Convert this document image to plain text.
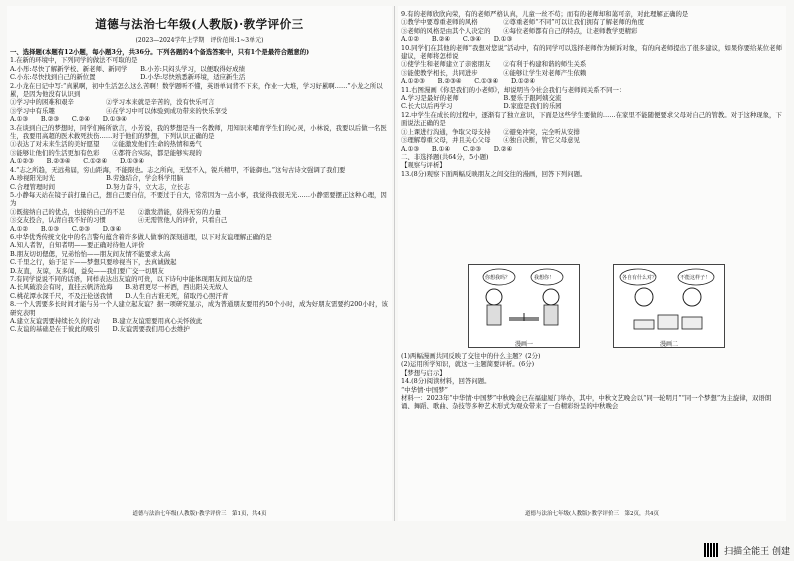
道德与法治七年级(人教版)·教学评价三
(2023—2024学年上学期　评价范围:1~3单元)
一、选择题(本题有12小题，每小题3分，共36分。下列各题的4个备选答案中，只有1个是最符合题意的)
1.在新的环境中，下列同学的做法不可取的是
A.小彤:尽快了解新学校、新老师、新同学　　B.小芳:只闷头学习，以便取得好成绩
C.小东:尽快找到自己的新位置　　　　　　　D.小华:尽快熟悉新环境，适应新生活
2.小龙在日记中写:“真累啊，初中生活怎么这么苦啊！数学题听不懂，英语单词背不下来，作业一大堆，学习好累啊……”小龙之所以累，是因为他没有认识到
①学习中的困难和艰辛　　　　　②学习本来就是辛苦的，没有快乐可言
③学习中有乐趣　　　　　　　　④在学习中可以体验到成功带来的快乐享受
A.①③　　B.②③　　C.②④　　D.①③④
3.在谈到自己的梦想时，同学们畅所欲言，小芳说，我的梦想是当一名教师，用知识来哺育学生们的心灵，小林说，我要以后做一名医生，我要用高超的医术救死扶伤……对于他们的梦想，下列认识正确的是
①表达了对未来生活的美好愿望　　②能激发他们生命的热情和勇气
③能够让他们的生活更加有色彩　　④都符合实际，都是能够实现的
A.①②③　　B.②③④　　C.①②④　　D.①③④
4.“志之所趋，无远弗届，穷山距海，不能限也。志之所向，无坚不入，锐兵精甲，不能御也。”这句古诗文强调了我们要
A.珍视阳光时光　　　　　　　　B.劳逸结合，学会科学用脑
C.合理管理时间　　　　　　　　D.努力奋斗，立大志，立长志
5.小静每天站在镜子前打量自己，想自己要自信，不要过于自大，常常因为一点小事，我觉得我很无光……小静需要摆正这种心理，因为
①既接纳自己的优点，也接纳自己的不足　　②激发潜能，获得无穷的力量
③交友投合，认清自我不好的习惯　　　　　④无需管他人的评价，只看自己
A.①②　　B.①③　　C.②③　　D.③④
6.中华优秀传统文化中的名言警句蕴含着许多做人做事的深刻道理，以下对友谊理解正确的是
A.知人者智，自知者明——要正确对待他人评价
B.朋友切切偲偲，兄弟怡怡——朋友间友情不能要求太高
C.千里之行，始于足下——梦想只要珍视当下，去真诚做起
D.友直，友谅，友多闻，益矣——我们要广交一切朋友
7.有同学说说不同的话语，同样表达出友谊的可贵，以下诗句中能体现朋友间友谊的是
A.长风破浪会有时，直挂云帆济沧海　　B.劝君更尽一杯酒，西出阳关无故人
C.桃花潭水深千尺，不及汪伦送我情　　D.人生自古谁无死，留取丹心照汗青
8.一个人需要多长时间才能与另一个人建立起友谊？据一项研究显示，成为普通朋友要用约50个小时，成为好朋友需要约200小时，该研究表明
A.建立友谊需要持续长久的行动　　B.建立友谊需要用真心关怀彼此
C.友谊的基础是在于彼此的吸引　　D.友谊需要我们用心去维护
道德与法治七年级(人教版)·教学评价三　第1页，共4页
9.有的老师欣欣向荣，有的老师严格认真，儿童一丝不苟；而有的老师却和蔼可亲，对此理解正确的是
①教学中要尊重老师的风格　　　　②尊重老师“不同”可以让我们拥有了解老师的角度
③老师的风格是由其个人决定的　　④每位老师都有自己的特点，让老师教学更精彩
A.①②　　B.②④　　C.③④　　D.①③
10.同学们在其他的老师“我想对您说”活动中，有的同学可以选择老师作为倾诉对象，有的向老师提出了很多建议，如果你要给某位老师建议，老师将怎样说
①使学生和老师建立了亲密朋友　　②有利于构建和谐的师生关系
③能使教学相长，共同进步　　　　④能够让学生对老师产生依赖
A.①②③　　B.②③④　　C.①③④　　D.①②④
11.右图漫画《你是我们的小老师》，却说明当今社会我们与老师间关系不同一：
A.学习是最好的老师　　　　　　　B.要乐于跟阿姨交流
C.长大以后再学习　　　　　　　　D.家庭是我们的乐园
12.中学生在成长的过程中，逐渐有了独立意识，下面是这些学生要做的……在家里不能随便要求父母对自己的管教。对于这种现象，下面说法正确的是
①上课进行沟通，争取父母支持　　②避免冲突，完全听从安排
③理解尊重父母，并且关心父母　　④独自决断，管它父母意见
A.①③　　B.①④　　C.②③　　D.②④
二、非选择题(共64分，5小题)
【观察与评析】
13.(8分)观察下面两幅反映朋友之间交往的漫画，回答下列问题。
你想我吗？	我想你！
漫画一
各自有什么对？	不能这样子！
漫画二
(1)两幅漫画共同反映了交往中的什么主题？(2分)
(2)运用所学知识，就这一主题简要评析。(6分)
【梦想与启示】
14.(8分)阅读材料，回答问题。
“中华情·中国梦”
材料一：2023年“中华情·中国梦”中秋晚会已在福建厦门举办，其中，中秋文艺晚会以“同一轮明月”“同一个梦想”为主旋律，双语朗诵、舞蹈、歌曲、杂技等多种艺术形式为观众带来了一台精彩纷呈的中秋晚会
道德与法治七年级(人教版)·教学评价三　第2页，共4页
扫描全能王 创建
